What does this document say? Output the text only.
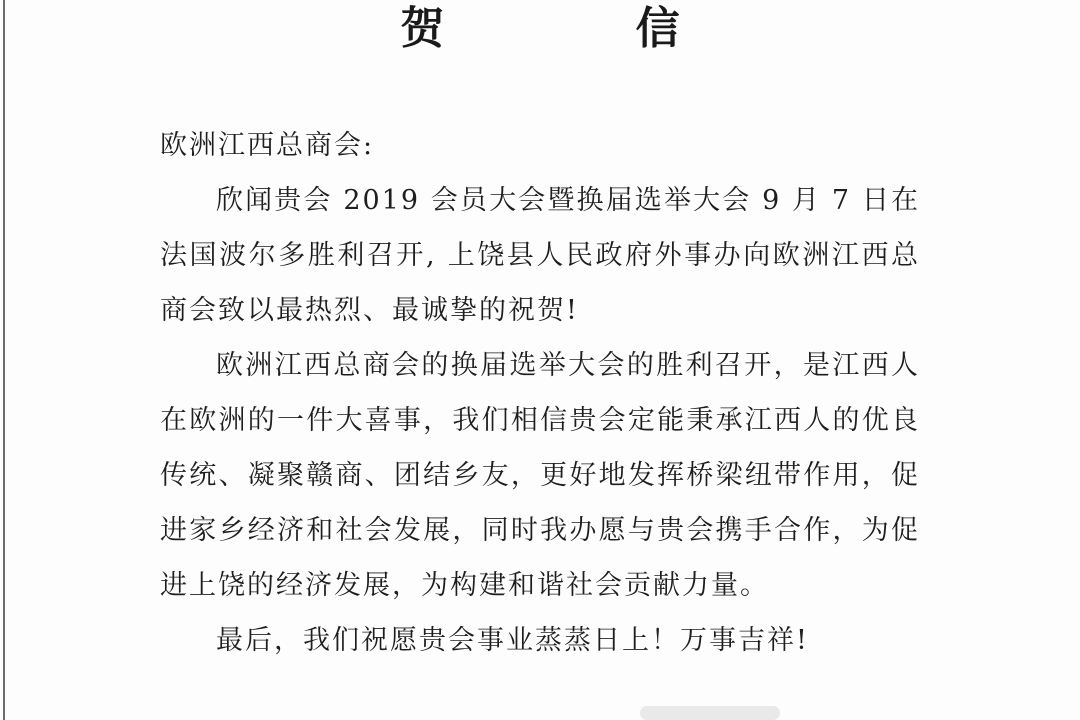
贺 信

欧洲江西总商会:

欣闻贵会 2019 会员大会暨换届选举大会 9 月 7 日在法国波尔多胜利召开, 上饶县人民政府外事办向欧洲江西总商会致以最热烈、最诚挚的祝贺!

欧洲江西总商会的换届选举大会的胜利召开，是江西人在欧洲的一件大喜事，我们相信贵会定能秉承江西人的优良传统、凝聚赣商、团结乡友，更好地发挥桥梁纽带作用，促进家乡经济和社会发展，同时我办愿与贵会携手合作，为促进上饶的经济发展，为构建和谐社会贡献力量。

最后，我们祝愿贵会事业蒸蒸日上！万事吉祥!
